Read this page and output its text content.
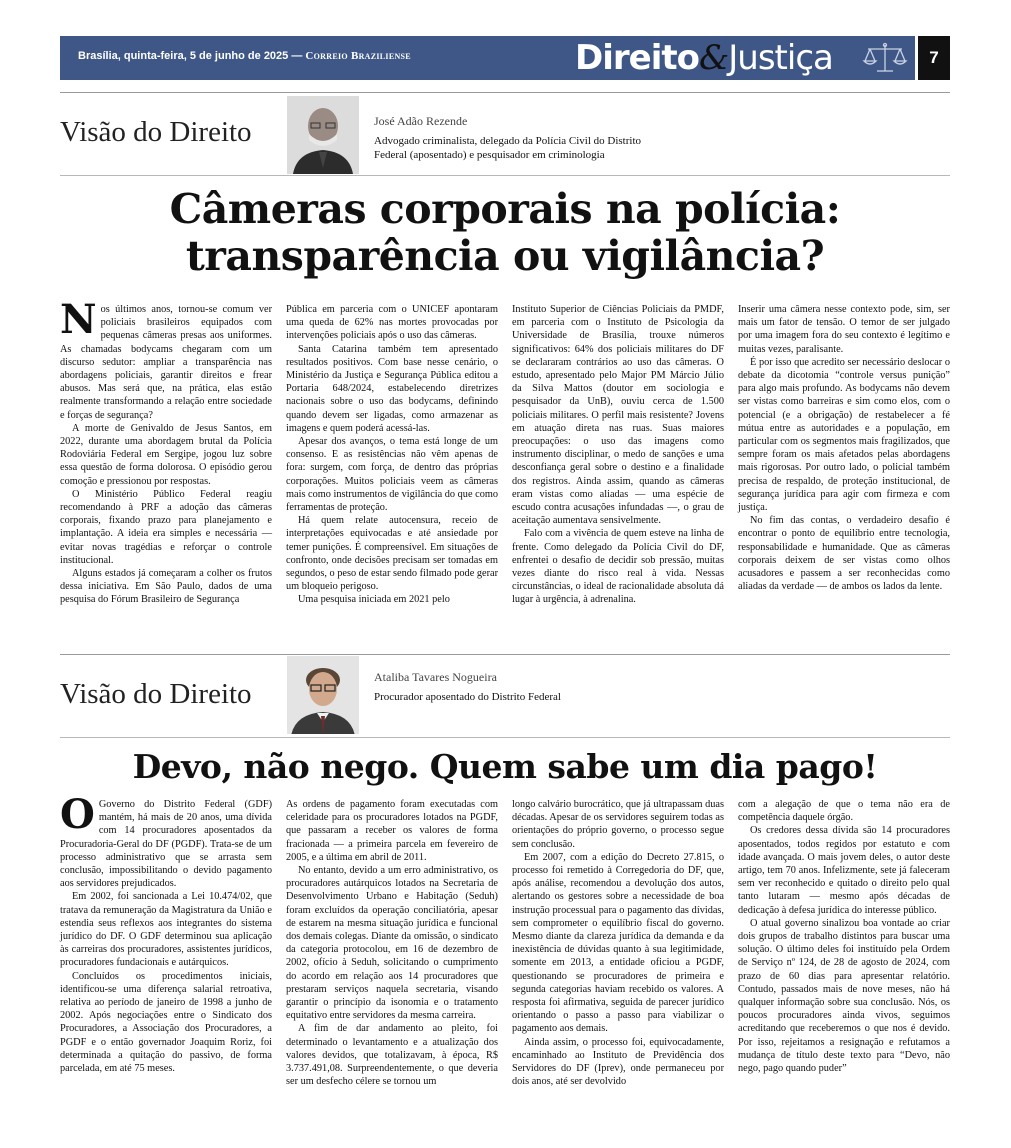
Brasília, quinta-feira, 5 de junho de 2025 — Correio Braziliense	Direito&Justiça	7
Visão do Direito	José Adão Rezende
Advogado criminalista, delegado da Polícia Civil do Distrito Federal (aposentado) e pesquisador em criminologia
Câmeras corporais na polícia:
transparência ou vigilância?

Nos últimos anos, tornou-se comum ver policiais brasileiros equipados com pequenas câmeras presas aos uniformes. As chamadas bodycams chegaram com um discurso sedutor: ampliar a transparência nas abordagens policiais, garantir direitos e frear abusos. Mas será que, na prática, elas estão realmente transformando a relação entre sociedade e forças de segurança?

A morte de Genivaldo de Jesus Santos, em 2022, durante uma abordagem brutal da Polícia Rodoviária Federal em Sergipe, jogou luz sobre essa questão de forma dolorosa. O episódio gerou comoção e pressionou por respostas.

O Ministério Público Federal reagiu recomendando à PRF a adoção das câmeras corporais, fixando prazo para planejamento e implantação. A ideia era simples e necessária — evitar novas tragédias e reforçar o controle institucional.

Alguns estados já começaram a colher os frutos dessa iniciativa. Em São Paulo, dados de uma pesquisa do Fórum Brasileiro de Segurança

Pública em parceria com o UNICEF apontaram uma queda de 62% nas mortes provocadas por intervenções policiais após o uso das câmeras.

Santa Catarina também tem apresentado resultados positivos. Com base nesse cenário, o Ministério da Justiça e Segurança Pública editou a Portaria 648/2024, estabelecendo diretrizes nacionais sobre o uso das bodycams, definindo quando devem ser ligadas, como armazenar as imagens e quem poderá acessá-las.

Apesar dos avanços, o tema está longe de um consenso. E as resistências não vêm apenas de fora: surgem, com força, de dentro das próprias corporações. Muitos policiais veem as câmeras mais como instrumentos de vigilância do que como ferramentas de proteção.

Há quem relate autocensura, receio de interpretações equivocadas e até ansiedade por temer punições. É compreensível. Em situações de confronto, onde decisões precisam ser tomadas em segundos, o peso de estar sendo filmado pode gerar um bloqueio perigoso.

Uma pesquisa iniciada em 2021 pelo

Instituto Superior de Ciências Policiais da PMDF, em parceria com o Instituto de Psicologia da Universidade de Brasília, trouxe números significativos: 64% dos policiais militares do DF se declararam contrários ao uso das câmeras. O estudo, apresentado pelo Major PM Márcio Júlio da Silva Mattos (doutor em sociologia e pesquisador da UnB), ouviu cerca de 1.500 policiais militares. O perfil mais resistente? Jovens em atuação direta nas ruas. Suas maiores preocupações: o uso das imagens como instrumento disciplinar, o medo de sanções e uma desconfiança geral sobre o destino e a finalidade dos registros. Ainda assim, quando as câmeras eram vistas como aliadas — uma espécie de escudo contra acusações infundadas —, o grau de aceitação aumentava sensivelmente.

Falo com a vivência de quem esteve na linha de frente. Como delegado da Polícia Civil do DF, enfrentei o desafio de decidir sob pressão, muitas vezes diante do risco real à vida. Nessas circunstâncias, o ideal de racionalidade absoluta dá lugar à urgência, à adrenalina.

Inserir uma câmera nesse contexto pode, sim, ser mais um fator de tensão. O temor de ser julgado por uma imagem fora do seu contexto é legítimo e muitas vezes, paralisante.

É por isso que acredito ser necessário deslocar o debate da dicotomia “controle versus punição” para algo mais profundo. As bodycams não devem ser vistas como barreiras e sim como elos, com o potencial (e a obrigação) de restabelecer a fé mútua entre as autoridades e a população, em particular com os segmentos mais fragilizados, que sempre foram os mais afetados pelas abordagens mais rigorosas. Por outro lado, o policial também precisa de respaldo, de proteção institucional, de segurança jurídica para agir com firmeza e com justiça.

No fim das contas, o verdadeiro desafio é encontrar o ponto de equilíbrio entre tecnologia, responsabilidade e humanidade. Que as câmeras corporais deixem de ser vistas como olhos acusadores e passem a ser reconhecidas como aliadas da verdade — de ambos os lados da lente.

Visão do Direito
Ataliba Tavares Nogueira
Procurador aposentado do Distrito Federal
Devo, não nego. Quem sabe um dia pago!

O Governo do Distrito Federal (GDF) mantém, há mais de 20 anos, uma dívida com 14 procuradores aposentados da Procuradoria-Geral do DF (PGDF). Trata-se de um processo administrativo que se arrasta sem conclusão, impossibilitando o devido pagamento aos servidores prejudicados.

Em 2002, foi sancionada a Lei 10.474/02, que tratava da remuneração da Magistratura da União e estendia seus reflexos aos integrantes do sistema jurídico do DF. O GDF determinou sua aplicação às carreiras dos procuradores, assistentes jurídicos, procuradores fundacionais e autárquicos.

Concluídos os procedimentos iniciais, identificou-se uma diferença salarial retroativa, relativa ao período de janeiro de 1998 a junho de 2002. Após negociações entre o Sindicato dos Procuradores, a Associação dos Procuradores, a PGDF e o então governador Joaquim Roriz, foi determinada a quitação do passivo, de forma parcelada, em até 75 meses.

As ordens de pagamento foram executadas com celeridade para os procuradores lotados na PGDF, que passaram a receber os valores de forma fracionada — a primeira parcela em fevereiro de 2005, e a última em abril de 2011.

No entanto, devido a um erro administrativo, os procuradores autárquicos lotados na Secretaria de Desenvolvimento Urbano e Habitação (Seduh) foram excluídos da operação conciliatória, apesar de estarem na mesma situação jurídica e funcional dos demais colegas. Diante da omissão, o sindicato da categoria protocolou, em 16 de dezembro de 2002, ofício à Seduh, solicitando o cumprimento do acordo em relação aos 14 procuradores que prestaram serviços naquela secretaria, visando garantir o princípio da isonomia e o tratamento equitativo entre servidores da mesma carreira.

A fim de dar andamento ao pleito, foi determinado o levantamento e a atualização dos valores devidos, que totalizavam, à época, R$ 3.737.491,08. Surpreendentemente, o que deveria ser um desfecho célere se tornou um

longo calvário burocrático, que já ultrapassam duas décadas. Apesar de os servidores seguirem todas as orientações do próprio governo, o processo segue sem conclusão.

Em 2007, com a edição do Decreto 27.815, o processo foi remetido à Corregedoria do DF, que, após análise, recomendou a devolução dos autos, alertando os gestores sobre a necessidade de boa instrução processual para o pagamento das dívidas, sem comprometer o equilíbrio fiscal do governo. Mesmo diante da clareza jurídica da demanda e da inexistência de dúvidas quanto à sua legitimidade, somente em 2013, a entidade oficiou a PGDF, questionando se procuradores de primeira e segunda categorias haviam recebido os valores. A resposta foi afirmativa, seguida de parecer jurídico orientando o passo a passo para viabilizar o pagamento aos demais.

Ainda assim, o processo foi, equivocadamente, encaminhado ao Instituto de Previdência dos Servidores do DF (Iprev), onde permaneceu por dois anos, até ser devolvido

com a alegação de que o tema não era de competência daquele órgão.

Os credores dessa dívida são 14 procuradores aposentados, todos regidos por estatuto e com idade avançada. O mais jovem deles, o autor deste artigo, tem 70 anos. Infelizmente, sete já faleceram sem ver reconhecido e quitado o direito pelo qual tanto lutaram — mesmo após décadas de dedicação à defesa jurídica do interesse público.

O atual governo sinalizou boa vontade ao criar dois grupos de trabalho distintos para buscar uma solução. O último deles foi instituído pela Ordem de Serviço nº 124, de 28 de agosto de 2024, com prazo de 60 dias para apresentar relatório. Contudo, passados mais de nove meses, não há qualquer informação sobre sua conclusão. Nós, os poucos procuradores ainda vivos, seguimos acreditando que receberemos o que nos é devido. Por isso, rejeitamos a resignação e refutamos a mudança de título deste texto para “Devo, não nego, pago quando puder”
